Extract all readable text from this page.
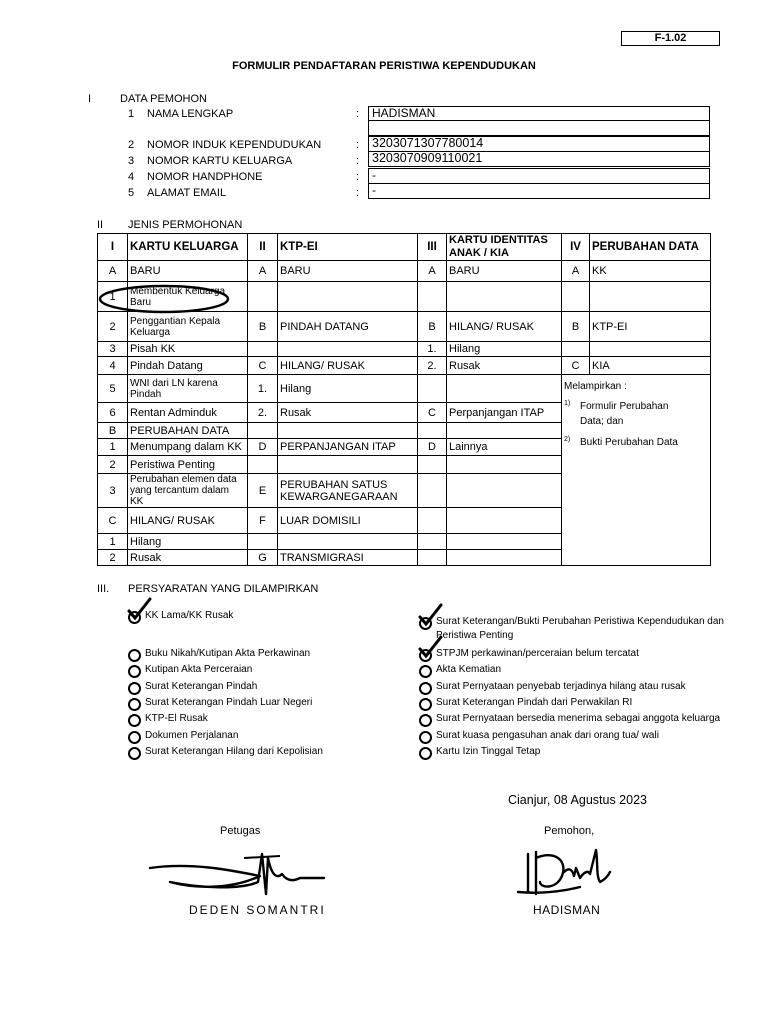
F-1.02
FORMULIR PENDAFTARAN PERISTIWA KEPENDUDUKAN
I	DATA PEMOHON
1 NAMA LENGKAP	:	HADISMAN
2 NOMOR INDUK KEPENDUDUKAN	:	3203071307780014
3 NOMOR KARTU KELUARGA	:	3203070909110021
4 NOMOR HANDPHONE	:	-
5 ALAMAT EMAIL	:	-
II JENIS PERMOHONAN
I	KARTU KELUARGA	II	KTP-EI	III	KARTU IDENTITAS ANAK / KIA	IV	PERUBAHAN DATA
A	BARU	A	BARU	A	BARU	A	KK
1	Membentuk Keluarga Baru						
2	Penggantian Kepala Keluarga	B	PINDAH DATANG	B	HILANG/ RUSAK	B	KTP-EI
3	Pisah KK			1.	Hilang		
4	Pindah Datang	C	HILANG/ RUSAK	2.	Rusak	C	KIA
5	WNI dari LN karena Pindah	1.	Hilang			Melampirkan :
1) Formulir Perubahan Data; dan
2) Bukti Perubahan Data	

6	Rentan Adminduk	2.	Rusak	C	Perpanjangan ITAP		
B	PERUBAHAN DATA						
1	Menumpang dalam KK	D	PERPANJANGAN ITAP	D	Lainnya		
2	Peristiwa Penting						
3	Perubahan elemen data yang tercantum dalam KK	E	PERUBAHAN SATUS KEWARGANEGARAAN				
C	HILANG/ RUSAK	F	LUAR DOMISILI				
1	Hilang						
2	Rusak	G	TRANSMIGRASI				
III. PERSYARATAN YANG DILAMPIRKAN
KK Lama/KK Rusak
Buku Nikah/Kutipan Akta Perkawinan
Kutipan Akta Perceraian
Surat Keterangan Pindah
Surat Keterangan Pindah Luar Negeri
KTP-El Rusak
Dokumen Perjalanan
Surat Keterangan Hilang dari Kepolisian
Surat Keterangan/Bukti Perubahan Peristiwa Kependudukan dan
Peristiwa Penting
STPJM perkawinan/perceraian belum tercatat
Akta Kematian
Surat Pernyataan penyebab terjadinya hilang atau rusak
Surat Keterangan Pindah dari Perwakilan RI
Surat Pernyataan bersedia menerima sebagai anggota keluarga
Surat kuasa pengasuhan anak dari orang tua/ wali
Kartu Izin Tinggal Tetap
Cianjur, 08 Agustus 2023
Petugas	Pemohon,
DEDEN SOMANTRI	HADISMAN
